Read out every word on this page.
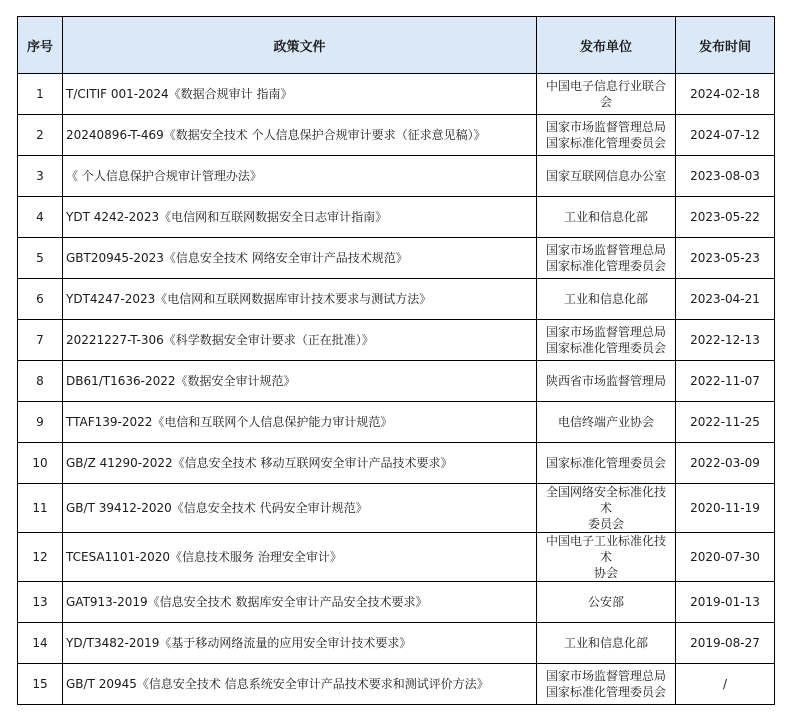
序号	政策文件	发布单位	发布时间
1	T/CITIF 001-2024《数据合规审计 指南》	中国电子信息行业联合会	2024-02-18
2	20240896-T-469《数据安全技术 个人信息保护合规审计要求（征求意见稿）》	国家市场监督管理总局
国家标准化管理委员会	2024-07-12
3	《 个人信息保护合规审计管理办法》	国家互联网信息办公室	2023-08-03
4	YDT 4242-2023《电信网和互联网数据安全日志审计指南》	工业和信息化部	2023-05-22
5	GBT20945-2023《信息安全技术 网络安全审计产品技术规范》	国家市场监督管理总局
国家标准化管理委员会	2023-05-23
6	YDT4247-2023《电信网和互联网数据库审计技术要求与测试方法》	工业和信息化部	2023-04-21
7	20221227-T-306《科学数据安全审计要求（正在批准）》	国家市场监督管理总局
国家标准化管理委员会	2022-12-13
8	DB61/T1636-2022《数据安全审计规范》	陕西省市场监督管理局	2022-11-07
9	TTAF139-2022《电信和互联网个人信息保护能力审计规范》	电信终端产业协会	2022-11-25
10	GB/Z 41290-2022《信息安全技术 移动互联网安全审计产品技术要求》	国家标准化管理委员会	2022-03-09
11	GB/T 39412-2020《信息安全技术 代码安全审计规范》	全国网络安全标准化技术
委员会	2020-11-19
12	TCESA1101-2020《信息技术服务 治理安全审计》	中国电子工业标准化技术
协会	2020-07-30
13	GAT913-2019《信息安全技术 数据库安全审计产品安全技术要求》	公安部	2019-01-13
14	YD/T3482-2019《基于移动网络流量的应用安全审计技术要求》	工业和信息化部	2019-08-27
15	GB/T 20945《信息安全技术 信息系统安全审计产品技术要求和测试评价方法》	国家市场监督管理总局
国家标准化管理委员会	/
